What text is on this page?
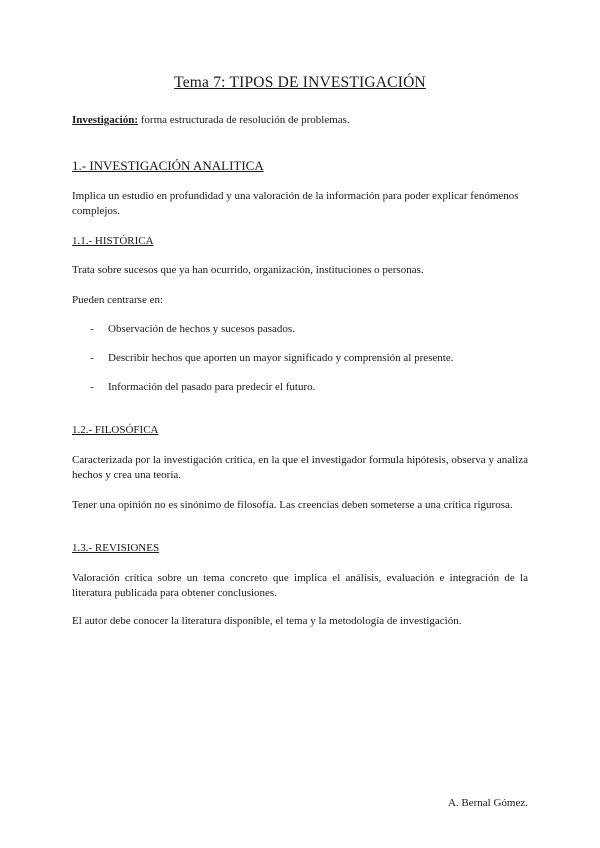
Tema 7: TIPOS DE INVESTIGACIÓN
Investigación: forma estructurada de resolución de problemas.
1.- INVESTIGACIÓN ANALITICA
Implica un estudio en profundidad y una valoración de la información para poder explicar fenómenos complejos.
1.1.- HISTÓRICA
Trata sobre sucesos que ya han ocurrido, organización, instituciones o personas.
Pueden centrarse en:
- Observación de hechos y sucesos pasados.
- Describir hechos que aporten un mayor significado y comprensión al presente.
- Información del pasado para predecir el futuro.
1.2.- FILOSÓFICA
Caracterizada por la investigación crítica, en la que el investigador formula hipótesis, observa y analiza hechos y crea una teoría.
Tener una opinión no es sinónimo de filosofía. Las creencias deben someterse a una crítica rigurosa.
1.3.- REVISIONES
Valoración crítica sobre un tema concreto que implica el análisis, evaluación e integración de la literatura publicada para obtener conclusiones.
El autor debe conocer la literatura disponible, el tema y la metodología de investigación.
A. Bernal Gómez.
